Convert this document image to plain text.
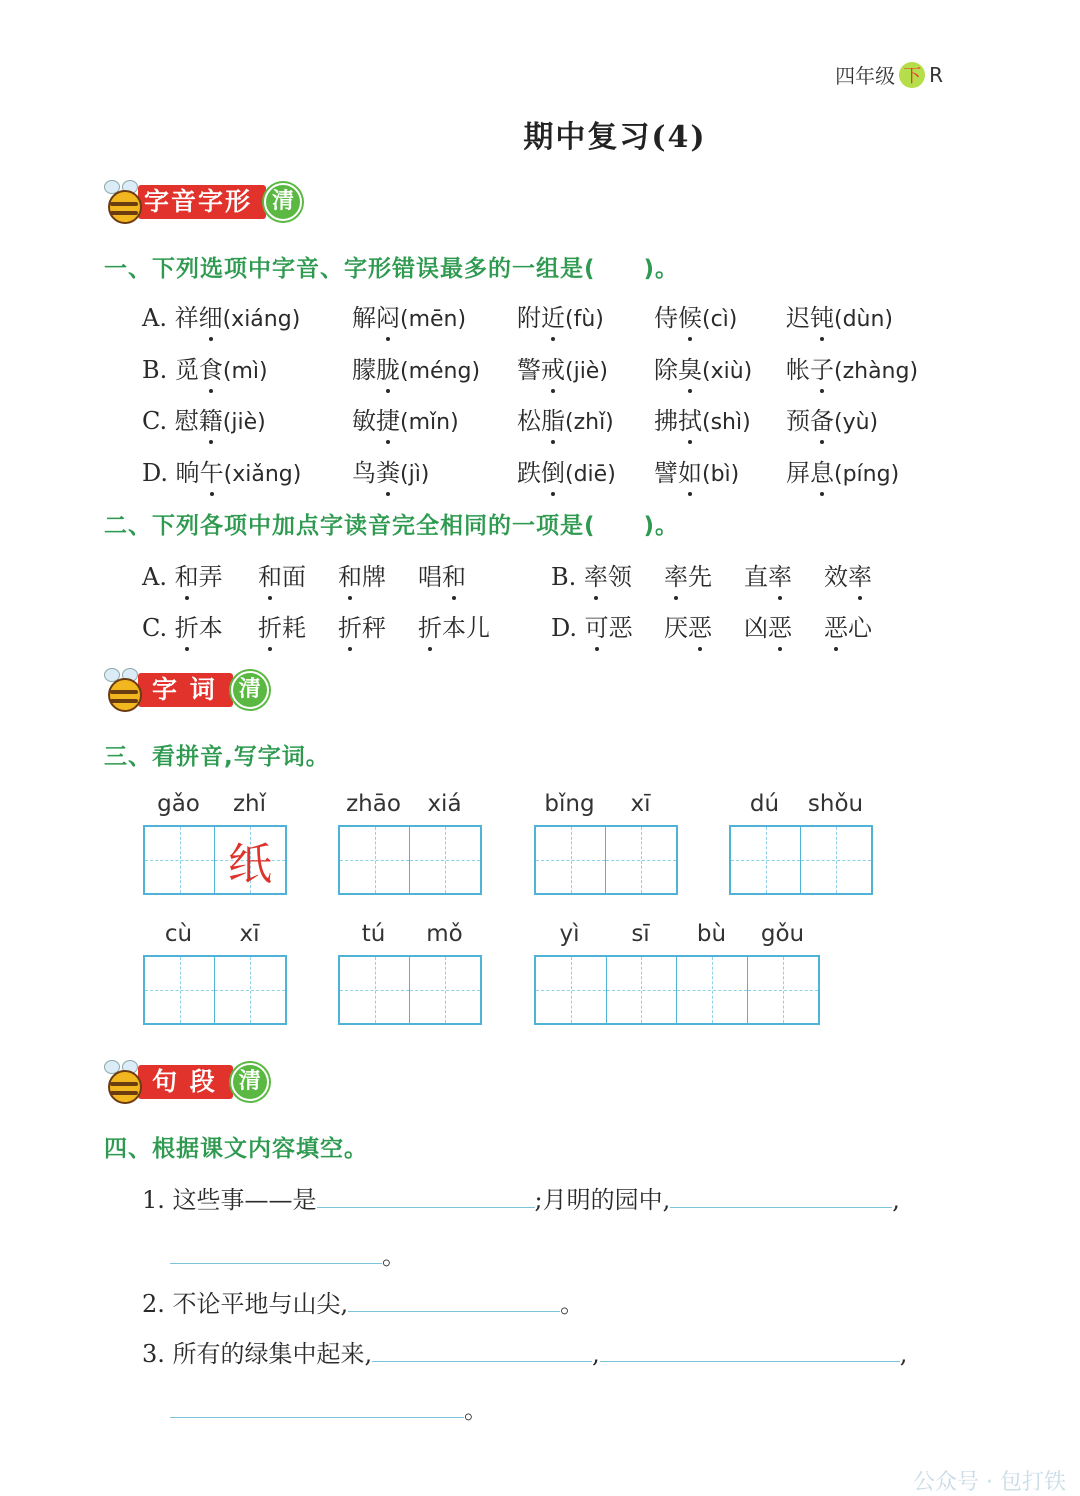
四年级 下 R
期中复习(4)
字音字形 清
一、下列选项中字音、字形错误最多的一组是(　　)。
A. 祥细(xiáng) 解闷(mēn) 附近(fù) 侍候(cì) 迟钝(dùn)
B. 觅食(mì)	朦胧(méng) 警戒(jiè) 除臭(xiù) 帐子(zhàng)
C. 慰籍(jiè)	敏捷(mǐn) 松脂(zhǐ) 拂拭(shì) 预备(yù)
D. 晌午(xiǎng) 鸟粪(jì)	跌倒(diē) 譬如(bì) 屏息(píng)
二、下列各项中加点字读音完全相同的一项是(　　)。
A. 和弄 和面 和牌 唱和	B. 率领 率先 直率 效率
C. 折本 折耗 折秤 折本儿	D. 可恶 厌恶 凶恶 恶心
字 词 清
三、看拼音,写字词。
gǎo	zhǐ
纸
zhāo	xiá	bǐng	xī	dú	shǒu
cù	xī	tú	mǒ	yì	sī	bù	gǒu
句 段 清
四、根据课文内容填空。
1. 这些事——是	;月明的园中,	,
。
2. 不论平地与山尖,	。
3. 所有的绿集中起来,	,	,
。
公众号 · 包打铁
